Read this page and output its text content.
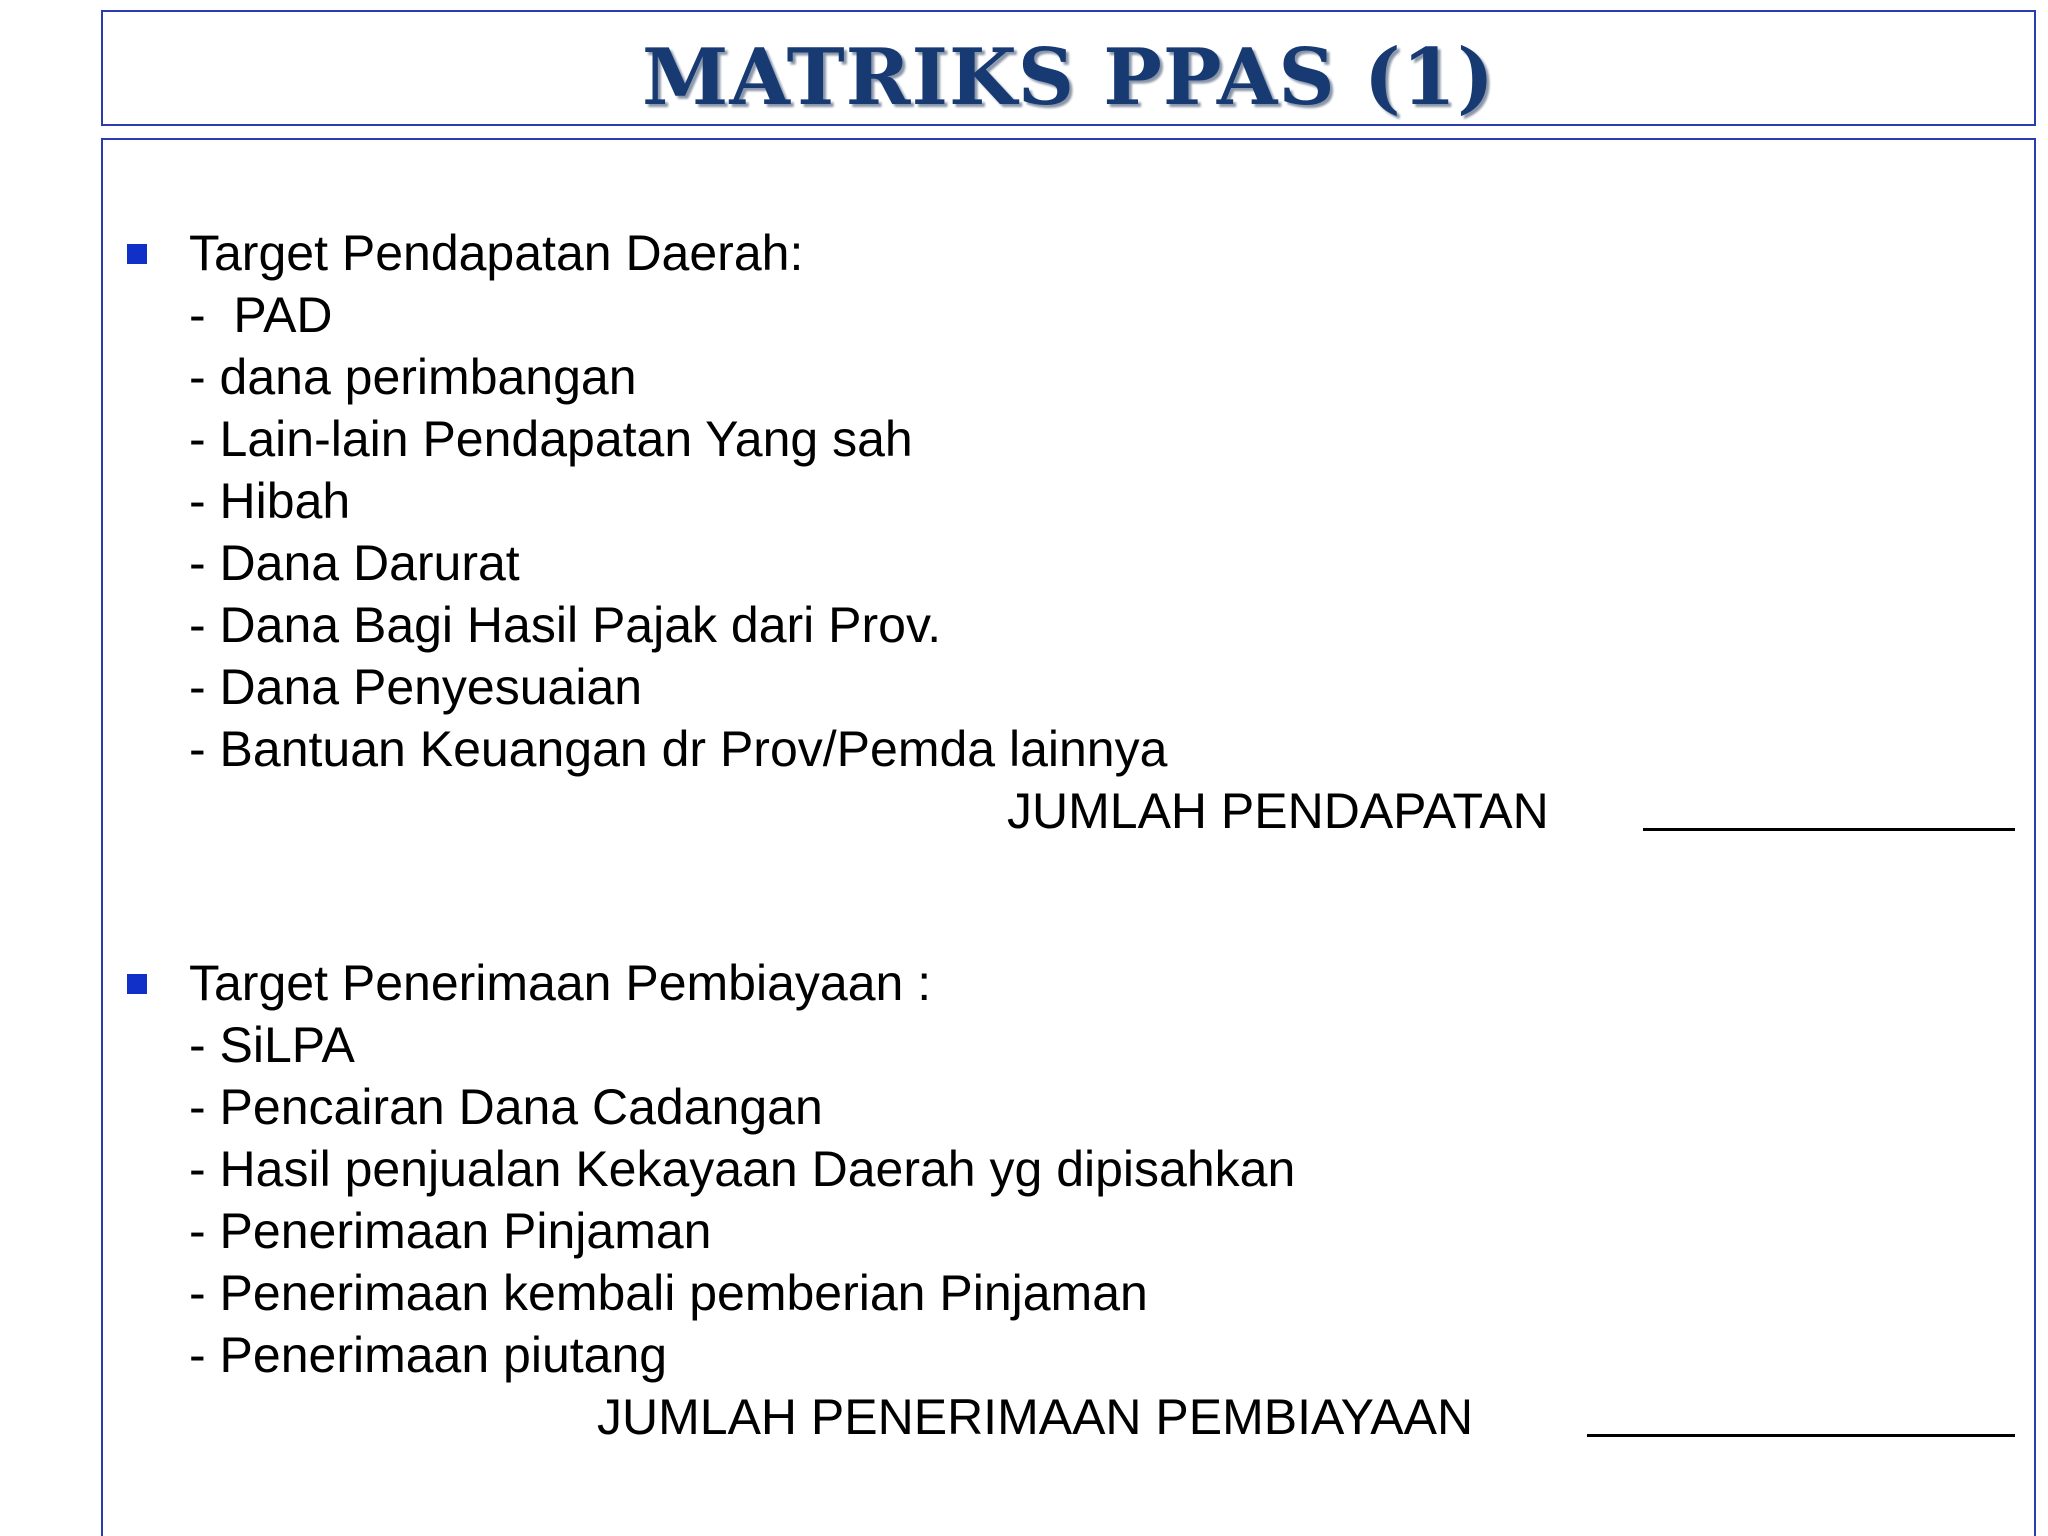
MATRIKS PPAS (1)
Target Pendapatan Daerah:
-  PAD
- dana perimbangan
- Lain-lain Pendapatan Yang sah
- Hibah
- Dana Darurat
- Dana Bagi Hasil Pajak dari Prov.
- Dana Penyesuaian
- Bantuan Keuangan dr Prov/Pemda lainnya
JUMLAH PENDAPATAN
Target Penerimaan Pembiayaan :
- SiLPA
- Pencairan Dana Cadangan
- Hasil penjualan Kekayaan Daerah yg dipisahkan
- Penerimaan Pinjaman
- Penerimaan kembali pemberian Pinjaman
- Penerimaan piutang
JUMLAH PENERIMAAN PEMBIAYAAN
